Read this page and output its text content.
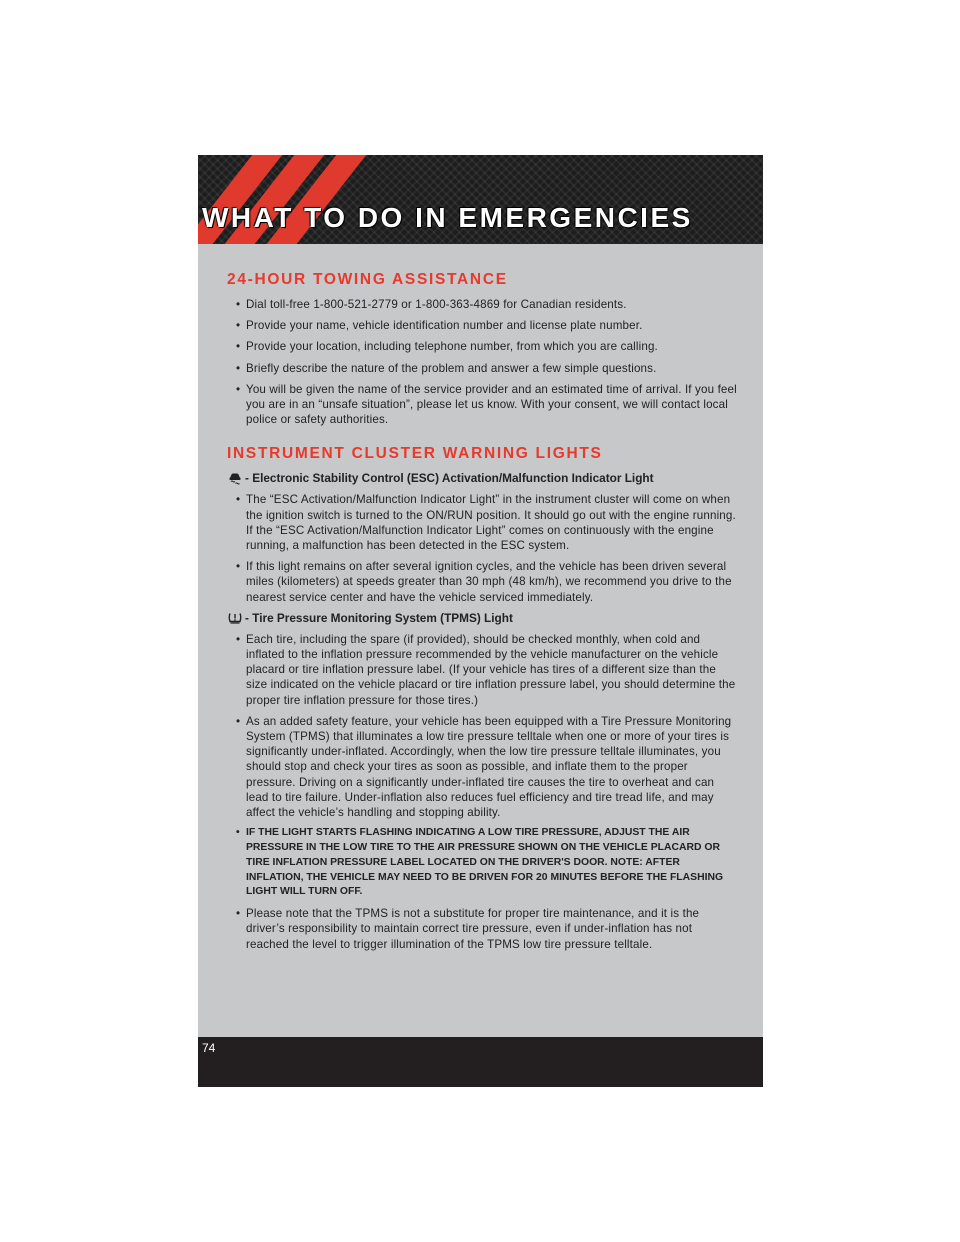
WHAT TO DO IN EMERGENCIES
24-HOUR TOWING ASSISTANCE
• Dial toll-free 1-800-521-2779 or 1-800-363-4869 for Canadian residents.
• Provide your name, vehicle identification number and license plate number.
• Provide your location, including telephone number, from which you are calling.
• Briefly describe the nature of the problem and answer a few simple questions.
• You will be given the name of the service provider and an estimated time of arrival. If you feel you are in an “unsafe situation”, please let us know. With your consent, we will contact local police or safety authorities.
INSTRUMENT CLUSTER WARNING LIGHTS
- Electronic Stability Control (ESC) Activation/Malfunction Indicator Light
• The “ESC Activation/Malfunction Indicator Light” in the instrument cluster will come on when the ignition switch is turned to the ON/RUN position. It should go out with the engine running. If the “ESC Activation/Malfunction Indicator Light” comes on continuously with the engine running, a malfunction has been detected in the ESC system.
• If this light remains on after several ignition cycles, and the vehicle has been driven several miles (kilometers) at speeds greater than 30 mph (48 km/h), we recommend you drive to the nearest service center and have the vehicle serviced immediately.
- Tire Pressure Monitoring System (TPMS) Light
• Each tire, including the spare (if provided), should be checked monthly, when cold and inflated to the inflation pressure recommended by the vehicle manufacturer on the vehicle placard or tire inflation pressure label. (If your vehicle has tires of a different size than the size indicated on the vehicle placard or tire inflation pressure label, you should determine the proper tire inflation pressure for those tires.)
• As an added safety feature, your vehicle has been equipped with a Tire Pressure Monitoring System (TPMS) that illuminates a low tire pressure telltale when one or more of your tires is significantly under-inflated. Accordingly, when the low tire pressure telltale illuminates, you should stop and check your tires as soon as possible, and inflate them to the proper pressure. Driving on a significantly under-inflated tire causes the tire to overheat and can lead to tire failure. Under-inflation also reduces fuel efficiency and tire tread life, and may affect the vehicle’s handling and stopping ability.
• IF THE LIGHT STARTS FLASHING INDICATING A LOW TIRE PRESSURE, ADJUST THE AIR PRESSURE IN THE LOW TIRE TO THE AIR PRESSURE SHOWN ON THE VEHICLE PLACARD OR TIRE INFLATION PRESSURE LABEL LOCATED ON THE DRIVER'S DOOR. NOTE: AFTER INFLATION, THE VEHICLE MAY NEED TO BE DRIVEN FOR 20 MINUTES BEFORE THE FLASHING LIGHT WILL TURN OFF.
• Please note that the TPMS is not a substitute for proper tire maintenance, and it is the driver’s responsibility to maintain correct tire pressure, even if under-inflation has not reached the level to trigger illumination of the TPMS low tire pressure telltale.
74
